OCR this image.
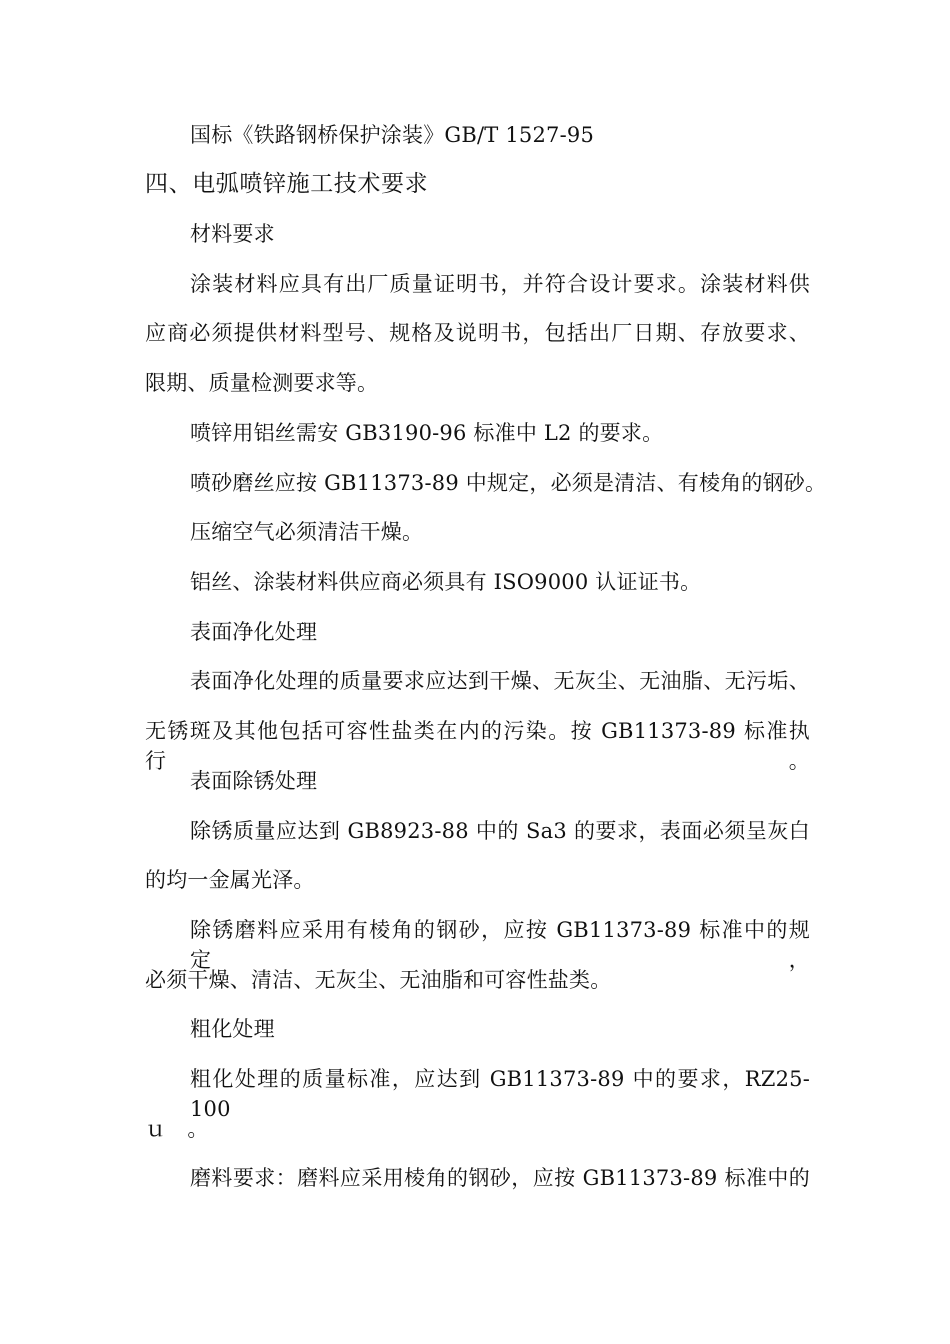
国标《铁路钢桥保护涂装》GB/T 1527-95
四、电弧喷锌施工技术要求
材料要求
涂装材料应具有出厂质量证明书，并符合设计要求。涂装材料供
应商必须提供材料型号、规格及说明书，包括出厂日期、存放要求、
限期、质量检测要求等。
喷锌用铝丝需安 GB3190-96 标准中 L2 的要求。
喷砂磨丝应按 GB11373-89 中规定，必须是清洁、有棱角的钢砂。
压缩空气必须清洁干燥。
铝丝、涂装材料供应商必须具有 ISO9000 认证证书。
表面净化处理
表面净化处理的质量要求应达到干燥、无灰尘、无油脂、无污垢、
无锈斑及其他包括可容性盐类在内的污染。按 GB11373-89 标准执行。
表面除锈处理
除锈质量应达到 GB8923-88 中的 Sa3 的要求，表面必须呈灰白
的均一金属光泽。
除锈磨料应采用有棱角的钢砂，应按 GB11373-89 标准中的规定，
必须干燥、清洁、无灰尘、无油脂和可容性盐类。
粗化处理
粗化处理的质量标准，应达到 GB11373-89 中的要求，RZ25-100
ｕ　。
磨料要求：磨料应采用棱角的钢砂，应按 GB11373-89 标准中的
